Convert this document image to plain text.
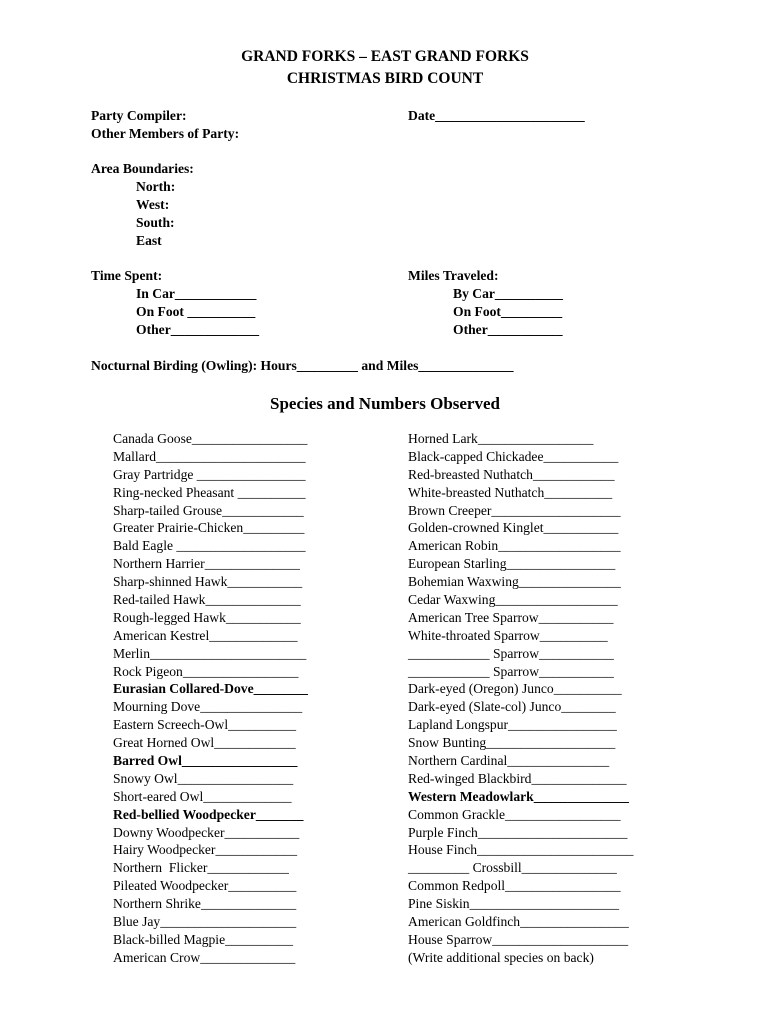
GRAND FORKS – EAST GRAND FORKS
CHRISTMAS BIRD COUNT
Party Compiler:
Other Members of Party:
Date______________________
Area Boundaries:
North:
West:
South:
East
Time Spent:
In Car____________
On Foot __________
Other_____________
Miles Traveled:
By Car__________
On Foot_________
Other___________
Nocturnal Birding (Owling): Hours_________ and Miles______________
Species and Numbers Observed
Canada Goose_________________
Mallard______________________
Gray Partridge ________________
Ring-necked Pheasant __________
Sharp-tailed Grouse____________
Greater Prairie-Chicken_________
Bald Eagle ___________________
Northern Harrier______________
Sharp-shinned Hawk___________
Red-tailed Hawk______________
Rough-legged Hawk___________
American Kestrel_____________
Merlin_______________________
Rock Pigeon_________________
Eurasian Collared-Dove________
Mourning Dove_______________
Eastern Screech-Owl__________
Great Horned Owl____________
Barred Owl_________________
Snowy Owl_________________
Short-eared Owl_____________
Red-bellied Woodpecker_______
Downy Woodpecker___________
Hairy Woodpecker____________
Northern  Flicker____________
Pileated Woodpecker__________
Northern Shrike______________
Blue Jay____________________
Black-billed Magpie__________
American Crow______________
Horned Lark_________________
Black-capped Chickadee___________
Red-breasted Nuthatch____________
White-breasted Nuthatch__________
Brown Creeper___________________
Golden-crowned Kinglet___________
American Robin__________________
European Starling________________
Bohemian Waxwing_______________
Cedar Waxwing__________________
American Tree Sparrow___________
White-throated Sparrow__________
____________ Sparrow___________
____________ Sparrow___________
Dark-eyed (Oregon) Junco__________
Dark-eyed (Slate-col) Junco________
Lapland Longspur________________
Snow Bunting___________________
Northern Cardinal_______________
Red-winged Blackbird______________
Western Meadowlark______________
Common Grackle_________________
Purple Finch______________________
House Finch_______________________
_________ Crossbill______________
Common Redpoll_________________
Pine Siskin______________________
American Goldfinch________________
House Sparrow____________________
(Write additional species on back)
